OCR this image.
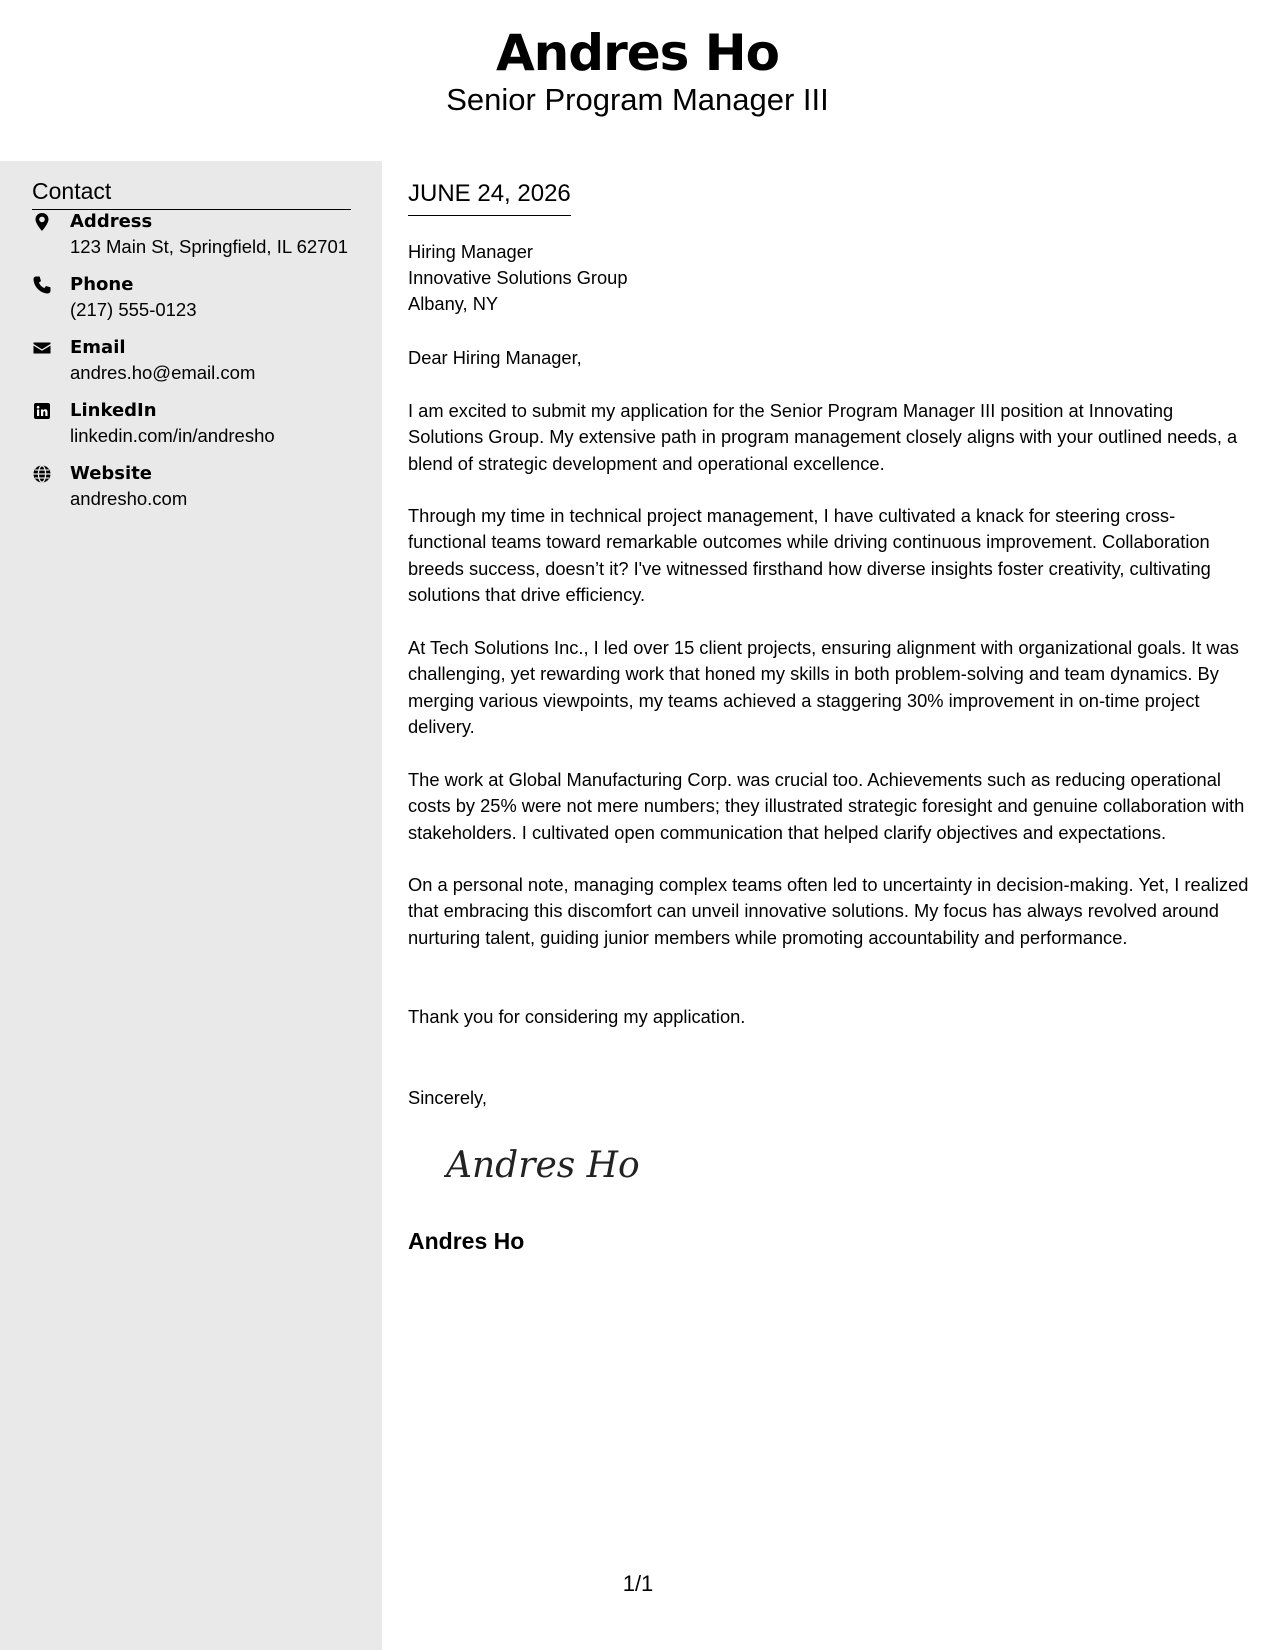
Andres Ho
Senior Program Manager III
Contact
Address
123 Main St, Springfield, IL 62701
Phone
(217) 555-0123
Email
andres.ho@email.com
LinkedIn
linkedin.com/in/andresho
Website
andresho.com
JUNE 24, 2026
Hiring Manager
Innovative Solutions Group
Albany, NY
Dear Hiring Manager,

I am excited to submit my application for the Senior Program Manager III position at Innovating Solutions Group. My extensive path in program management closely aligns with your outlined needs, a blend of strategic development and operational excellence.

Through my time in technical project management, I have cultivated a knack for steering cross-functional teams toward remarkable outcomes while driving continuous improvement. Collaboration breeds success, doesn’t it? I've witnessed firsthand how diverse insights foster creativity, cultivating solutions that drive efficiency.

At Tech Solutions Inc., I led over 15 client projects, ensuring alignment with organizational goals. It was challenging, yet rewarding work that honed my skills in both problem-solving and team dynamics. By merging various viewpoints, my teams achieved a staggering 30% improvement in on-time project delivery.

The work at Global Manufacturing Corp. was crucial too. Achievements such as reducing operational costs by 25% were not mere numbers; they illustrated strategic foresight and genuine collaboration with stakeholders. I cultivated open communication that helped clarify objectives and expectations.

On a personal note, managing complex teams often led to uncertainty in decision-making. Yet, I realized that embracing this discomfort can unveil innovative solutions. My focus has always revolved around nurturing talent, guiding junior members while promoting accountability and performance.

Thank you for considering my application.

Sincerely,
Andres Ho
Andres Ho
1/1
